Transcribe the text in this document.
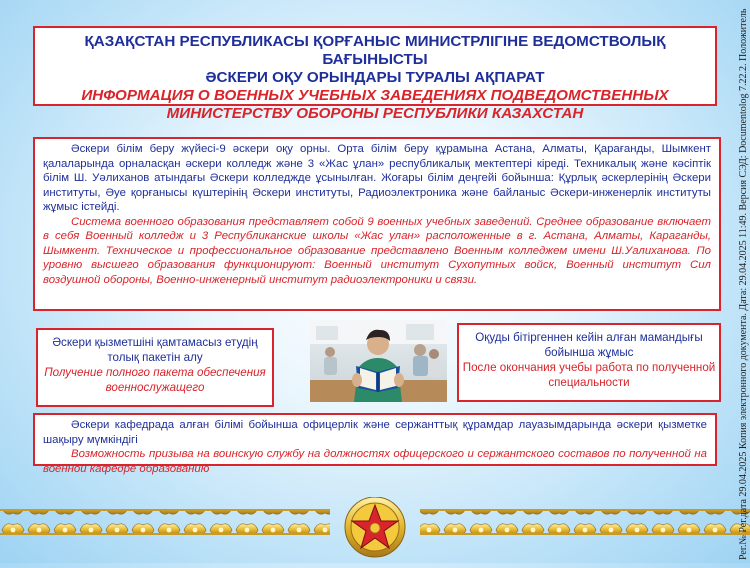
ҚАЗАҚСТАН РЕСПУБЛИКАСЫ ҚОРҒАНЫС МИНИСТРЛІГІНЕ ВЕДОМСТВОЛЫҚ БАҒЫНЫСТЫ
ӘСКЕРИ ОҚУ ОРЫНДАРЫ ТУРАЛЫ АҚПАРАТ
ИНФОРМАЦИЯ О ВОЕННЫХ УЧЕБНЫХ ЗАВЕДЕНИЯХ ПОДВЕДОМСТВЕННЫХ
МИНИСТЕРСТВУ ОБОРОНЫ РЕСПУБЛИКИ КАЗАХСТАН

Әскери білім беру жүйесі-9 әскери оқу орны. Орта білім беру құрамына Астана, Алматы, Қарағанды, Шымкент қалаларында орналасқан әскери колледж және 3 «Жас ұлан» республикалық мектептері кіреді. Техникалық және кәсіптік білім Ш. Уәлиханов атындағы Әскери колледжде ұсынылған. Жоғары білім деңгейі бойынша: Құрлық әскерлерінің Әскери институты, Әуе қорғанысы күштерінің Әскери институты, Радиоэлектроника және байланыс Әскери-инженерлік институты жұмыс істейді.

Система военного образования представляет собой 9 военных учебных заведений. Среднее образование включает в себя Военный колледж и 3 Республиканские школы «Жас улан» расположенные в г. Астана, Алматы, Караганды, Шымкент. Техническое и профессиональное образование представлено Военным колледжем имени Ш.Уалиханова. По уровню высшего образования функционируют: Военный институт Сухопутных войск, Военный институт Сил воздушной обороны, Военно-инженерный институт радиоэлектроники и связи.

Әскери қызметшіні қамтамасыз етудің толық пакетін алу

Получение полного пакета обеспечения военнослужащего

Оқуды бітіргеннен кейін алған мамандығы бойынша жұмыс

После окончания учебы работа по полученной специальности

Әскери кафедрада алған білімі бойынша офицерлік және сержанттық құрамдар лауазымдарында әскери қызметке шақыру мүмкіндігі

Возможность призыва на воинскую службу на должностях офицерского и сержантского составов по полученной на военной кафедре образованию	Рег.№ Рег.дата 29.04.2025 Копия электронного документа. Дата: 29.04.2025 11:49. Версия СЭД: Documentolog 7.22.2. Положитель
